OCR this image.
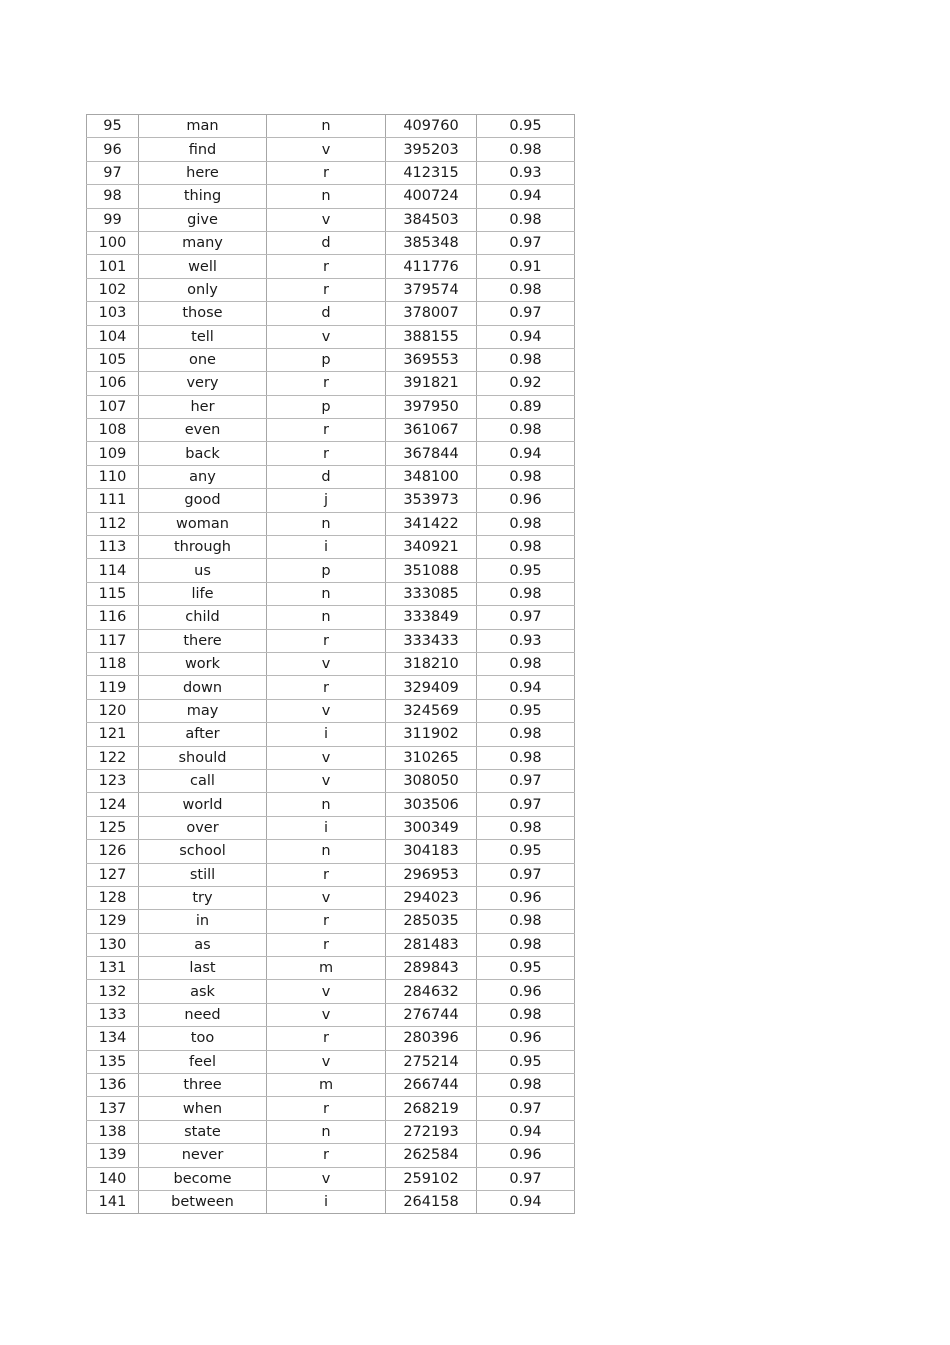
95	man	n	409760	0.95
96	find	v	395203	0.98
97	here	r	412315	0.93
98	thing	n	400724	0.94
99	give	v	384503	0.98
100	many	d	385348	0.97
101	well	r	411776	0.91
102	only	r	379574	0.98
103	those	d	378007	0.97
104	tell	v	388155	0.94
105	one	p	369553	0.98
106	very	r	391821	0.92
107	her	p	397950	0.89
108	even	r	361067	0.98
109	back	r	367844	0.94
110	any	d	348100	0.98
111	good	j	353973	0.96
112	woman	n	341422	0.98
113	through	i	340921	0.98
114	us	p	351088	0.95
115	life	n	333085	0.98
116	child	n	333849	0.97
117	there	r	333433	0.93
118	work	v	318210	0.98
119	down	r	329409	0.94
120	may	v	324569	0.95
121	after	i	311902	0.98
122	should	v	310265	0.98
123	call	v	308050	0.97
124	world	n	303506	0.97
125	over	i	300349	0.98
126	school	n	304183	0.95
127	still	r	296953	0.97
128	try	v	294023	0.96
129	in	r	285035	0.98
130	as	r	281483	0.98
131	last	m	289843	0.95
132	ask	v	284632	0.96
133	need	v	276744	0.98
134	too	r	280396	0.96
135	feel	v	275214	0.95
136	three	m	266744	0.98
137	when	r	268219	0.97
138	state	n	272193	0.94
139	never	r	262584	0.96
140	become	v	259102	0.97
141	between	i	264158	0.94
